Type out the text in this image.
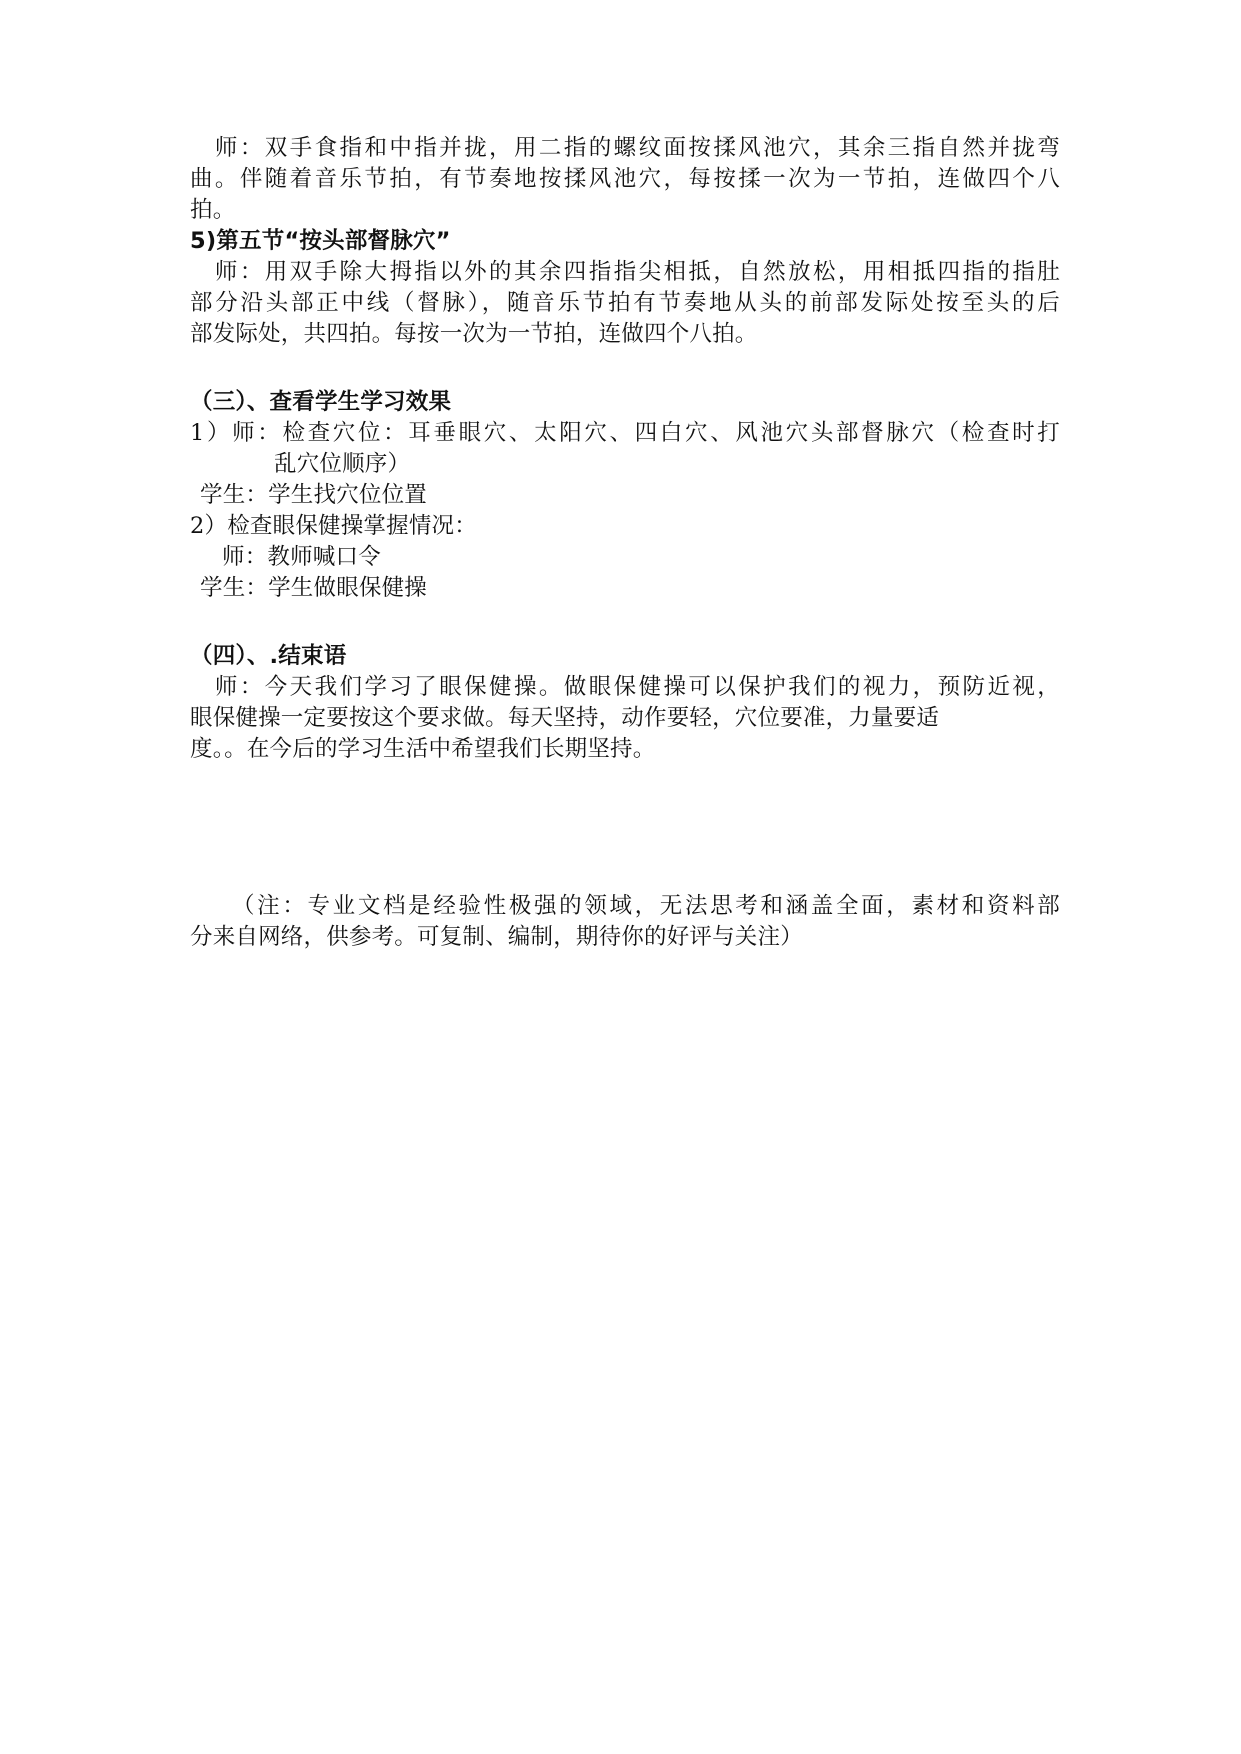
　师：双手食指和中指并拢，用二指的螺纹面按揉风池穴，其余三指自然并拢弯
曲。伴随着音乐节拍，有节奏地按揉风池穴，每按揉一次为一节拍，连做四个八
拍。
5)第五节“按头部督脉穴”
　师：用双手除大拇指以外的其余四指指尖相抵，自然放松，用相抵四指的指肚
部分沿头部正中线（督脉），随音乐节拍有节奏地从头的前部发际处按至头的后
部发际处，共四拍。每按一次为一节拍，连做四个八拍。
（三）、查看学生学习效果
1）师：检查穴位：耳垂眼穴、太阳穴、四白穴、风池穴头部督脉穴（检查时打
乱穴位顺序）
学生：学生找穴位位置
2）检查眼保健操掌握情况：
师：教师喊口令
学生：学生做眼保健操
（四）、.结束语
　师：今天我们学习了眼保健操。做眼保健操可以保护我们的视力，预防近视，
眼保健操一定要按这个要求做。每天坚持，动作要轻，穴位要准，力量要适
度。。在今后的学习生活中希望我们长期坚持。
（注：专业文档是经验性极强的领域，无法思考和涵盖全面，素材和资料部
分来自网络，供参考。可复制、编制，期待你的好评与关注）
